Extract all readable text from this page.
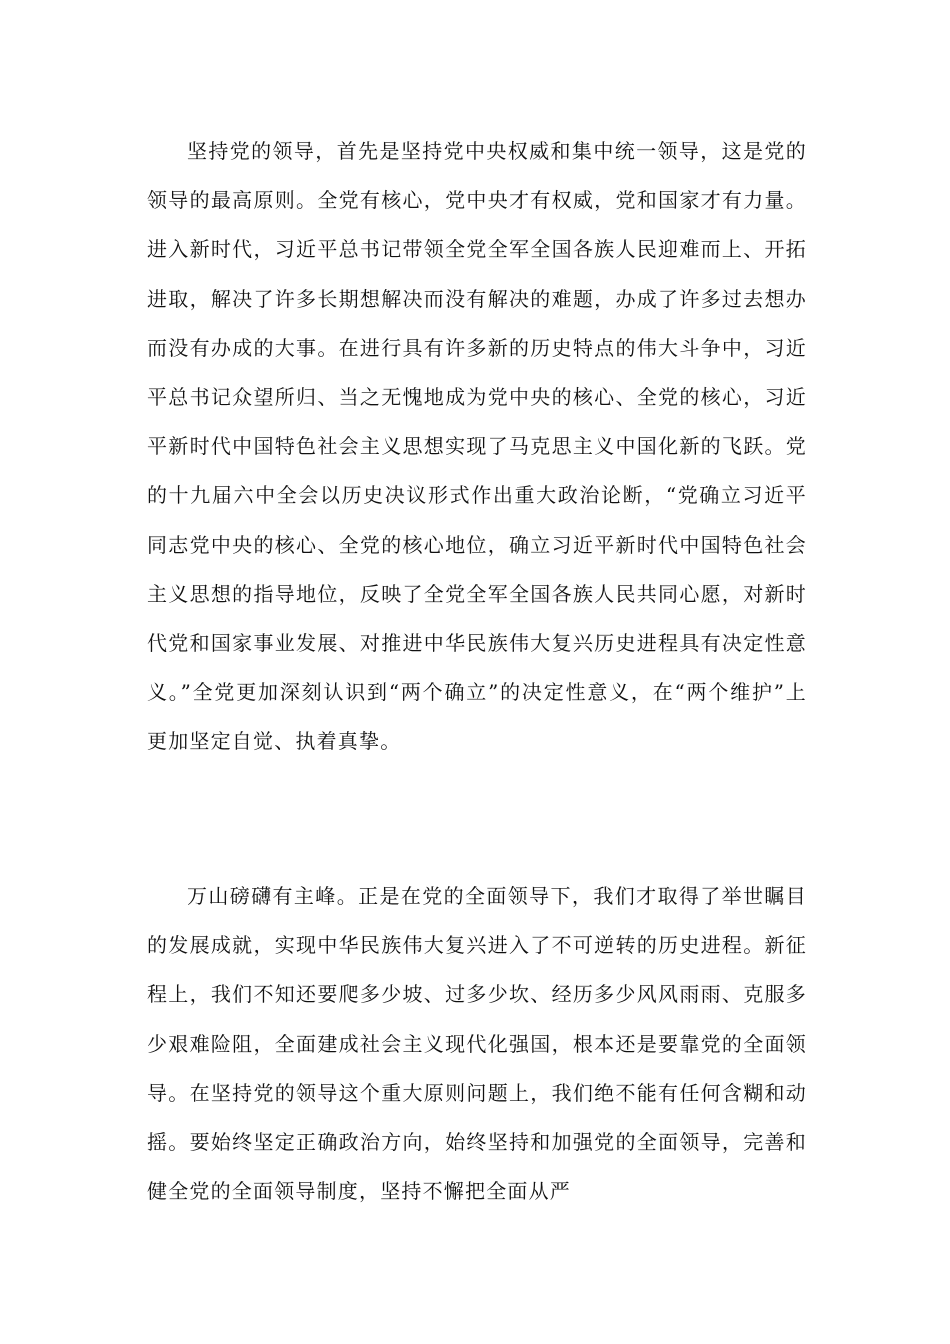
坚持党的领导，首先是坚持党中央权威和集中统一领导，这是党的领导的最高原则。全党有核心，党中央才有权威，党和国家才有力量。进入新时代，习近平总书记带领全党全军全国各族人民迎难而上、开拓进取，解决了许多长期想解决而没有解决的难题，办成了许多过去想办而没有办成的大事。在进行具有许多新的历史特点的伟大斗争中，习近平总书记众望所归、当之无愧地成为党中央的核心、全党的核心，习近平新时代中国特色社会主义思想实现了马克思主义中国化新的飞跃。党的十九届六中全会以历史决议形式作出重大政治论断，“党确立习近平同志党中央的核心、全党的核心地位，确立习近平新时代中国特色社会主义思想的指导地位，反映了全党全军全国各族人民共同心愿，对新时代党和国家事业发展、对推进中华民族伟大复兴历史进程具有决定性意义。”全党更加深刻认识到“两个确立”的决定性意义，在“两个维护”上更加坚定自觉、执着真挚。

万山磅礴有主峰。正是在党的全面领导下，我们才取得了举世瞩目的发展成就，实现中华民族伟大复兴进入了不可逆转的历史进程。新征程上，我们不知还要爬多少坡、过多少坎、经历多少风风雨雨、克服多少艰难险阻，全面建成社会主义现代化强国，根本还是要靠党的全面领导。在坚持党的领导这个重大原则问题上，我们绝不能有任何含糊和动摇。要始终坚定正确政治方向，始终坚持和加强党的全面领导，完善和健全党的全面领导制度，坚持不懈把全面从严
